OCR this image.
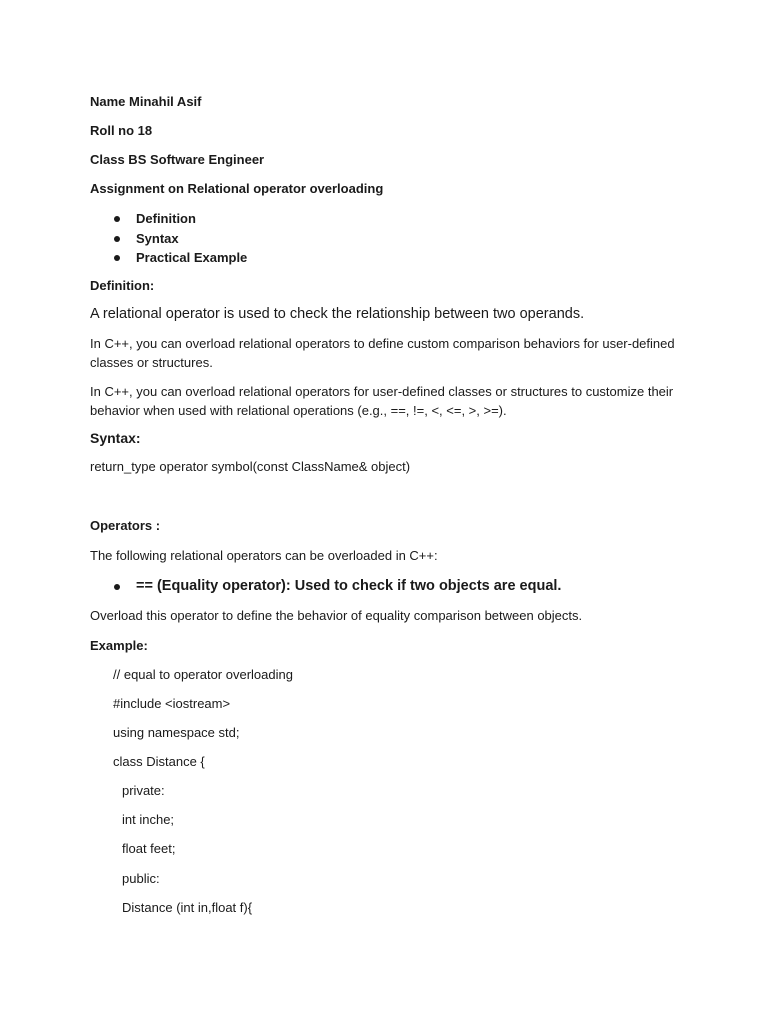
Name Minahil Asif

Roll no 18

Class BS Software Engineer

Assignment on Relational operator overloading

Definition
Syntax
Practical Example

Definition:

A relational operator is used to check the relationship between two operands.

In C++, you can overload relational operators to define custom comparison behaviors for user-defined classes or structures.

In C++, you can overload relational operators for user-defined classes or structures to customize their behavior when used with relational operations (e.g., ==, !=, <, <=, >, >=).

Syntax:

return_type operator symbol(const ClassName& object)

Operators :

The following relational operators can be overloaded in C++:

== (Equality operator): Used to check if two objects are equal.

Overload this operator to define the behavior of equality comparison between objects.

Example:

// equal to operator overloading

#include <iostream>

using namespace std;

class Distance {

private:

int inche;

float feet;

public:

Distance (int in,float f){
